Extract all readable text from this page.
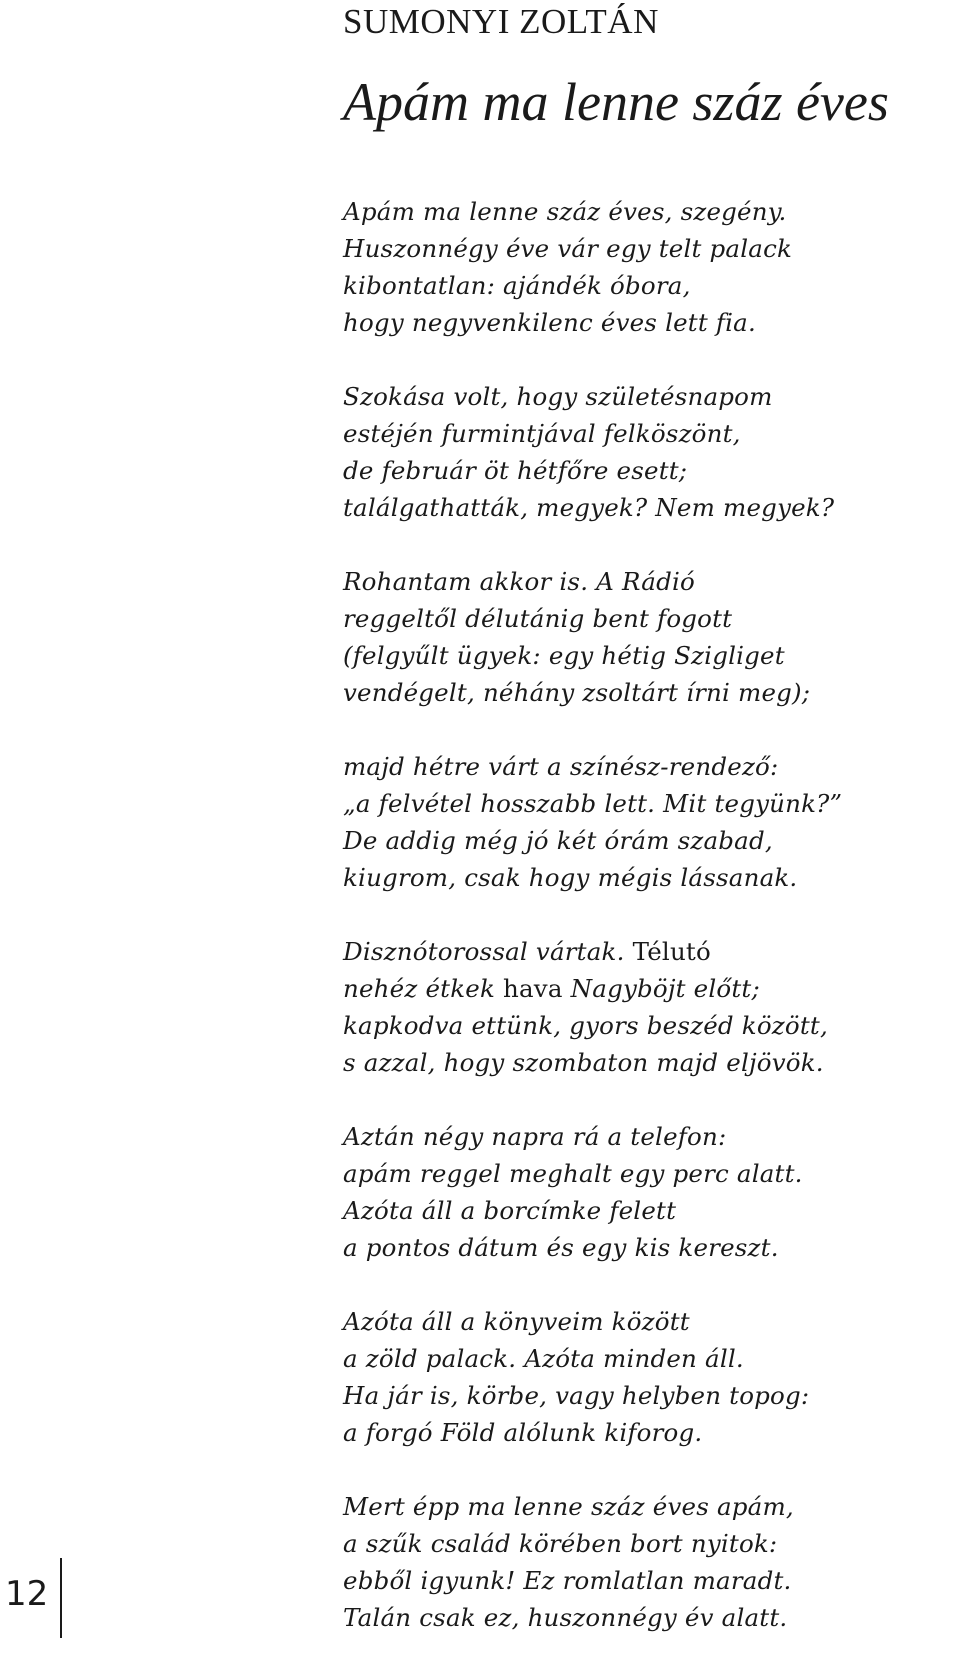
SUMONYI ZOLTÁN
Apám ma lenne száz éves
Apám ma lenne száz éves, szegény.
Huszonnégy éve vár egy telt palack
kibontatlan: ajándék óbora,
hogy negyvenkilenc éves lett fia.
Szokása volt, hogy születésnapom
estéjén furmintjával felköszönt,
de február öt hétfőre esett;
találgathatták, megyek? Nem megyek?
Rohantam akkor is. A Rádió
reggeltől délutánig bent fogott
(felgyűlt ügyek: egy hétig Szigliget
vendégelt, néhány zsoltárt írni meg);
majd hétre várt a színész-rendező:
„a felvétel hosszabb lett. Mit tegyünk?”
De addig még jó két órám szabad,
kiugrom, csak hogy mégis lássanak.
Disznótorossal vártak. Télutó
nehéz étkek hava Nagyböjt előtt;
kapkodva ettünk, gyors beszéd között,
s azzal, hogy szombaton majd eljövök.
Aztán négy napra rá a telefon:
apám reggel meghalt egy perc alatt.
Azóta áll a borcímke felett
a pontos dátum és egy kis kereszt.
Azóta áll a könyveim között
a zöld palack. Azóta minden áll.
Ha jár is, körbe, vagy helyben topog:
a forgó Föld alólunk kiforog.
Mert épp ma lenne száz éves apám,
a szűk család körében bort nyitok:
ebből igyunk! Ez romlatlan maradt.
Talán csak ez, huszonnégy év alatt.
12
